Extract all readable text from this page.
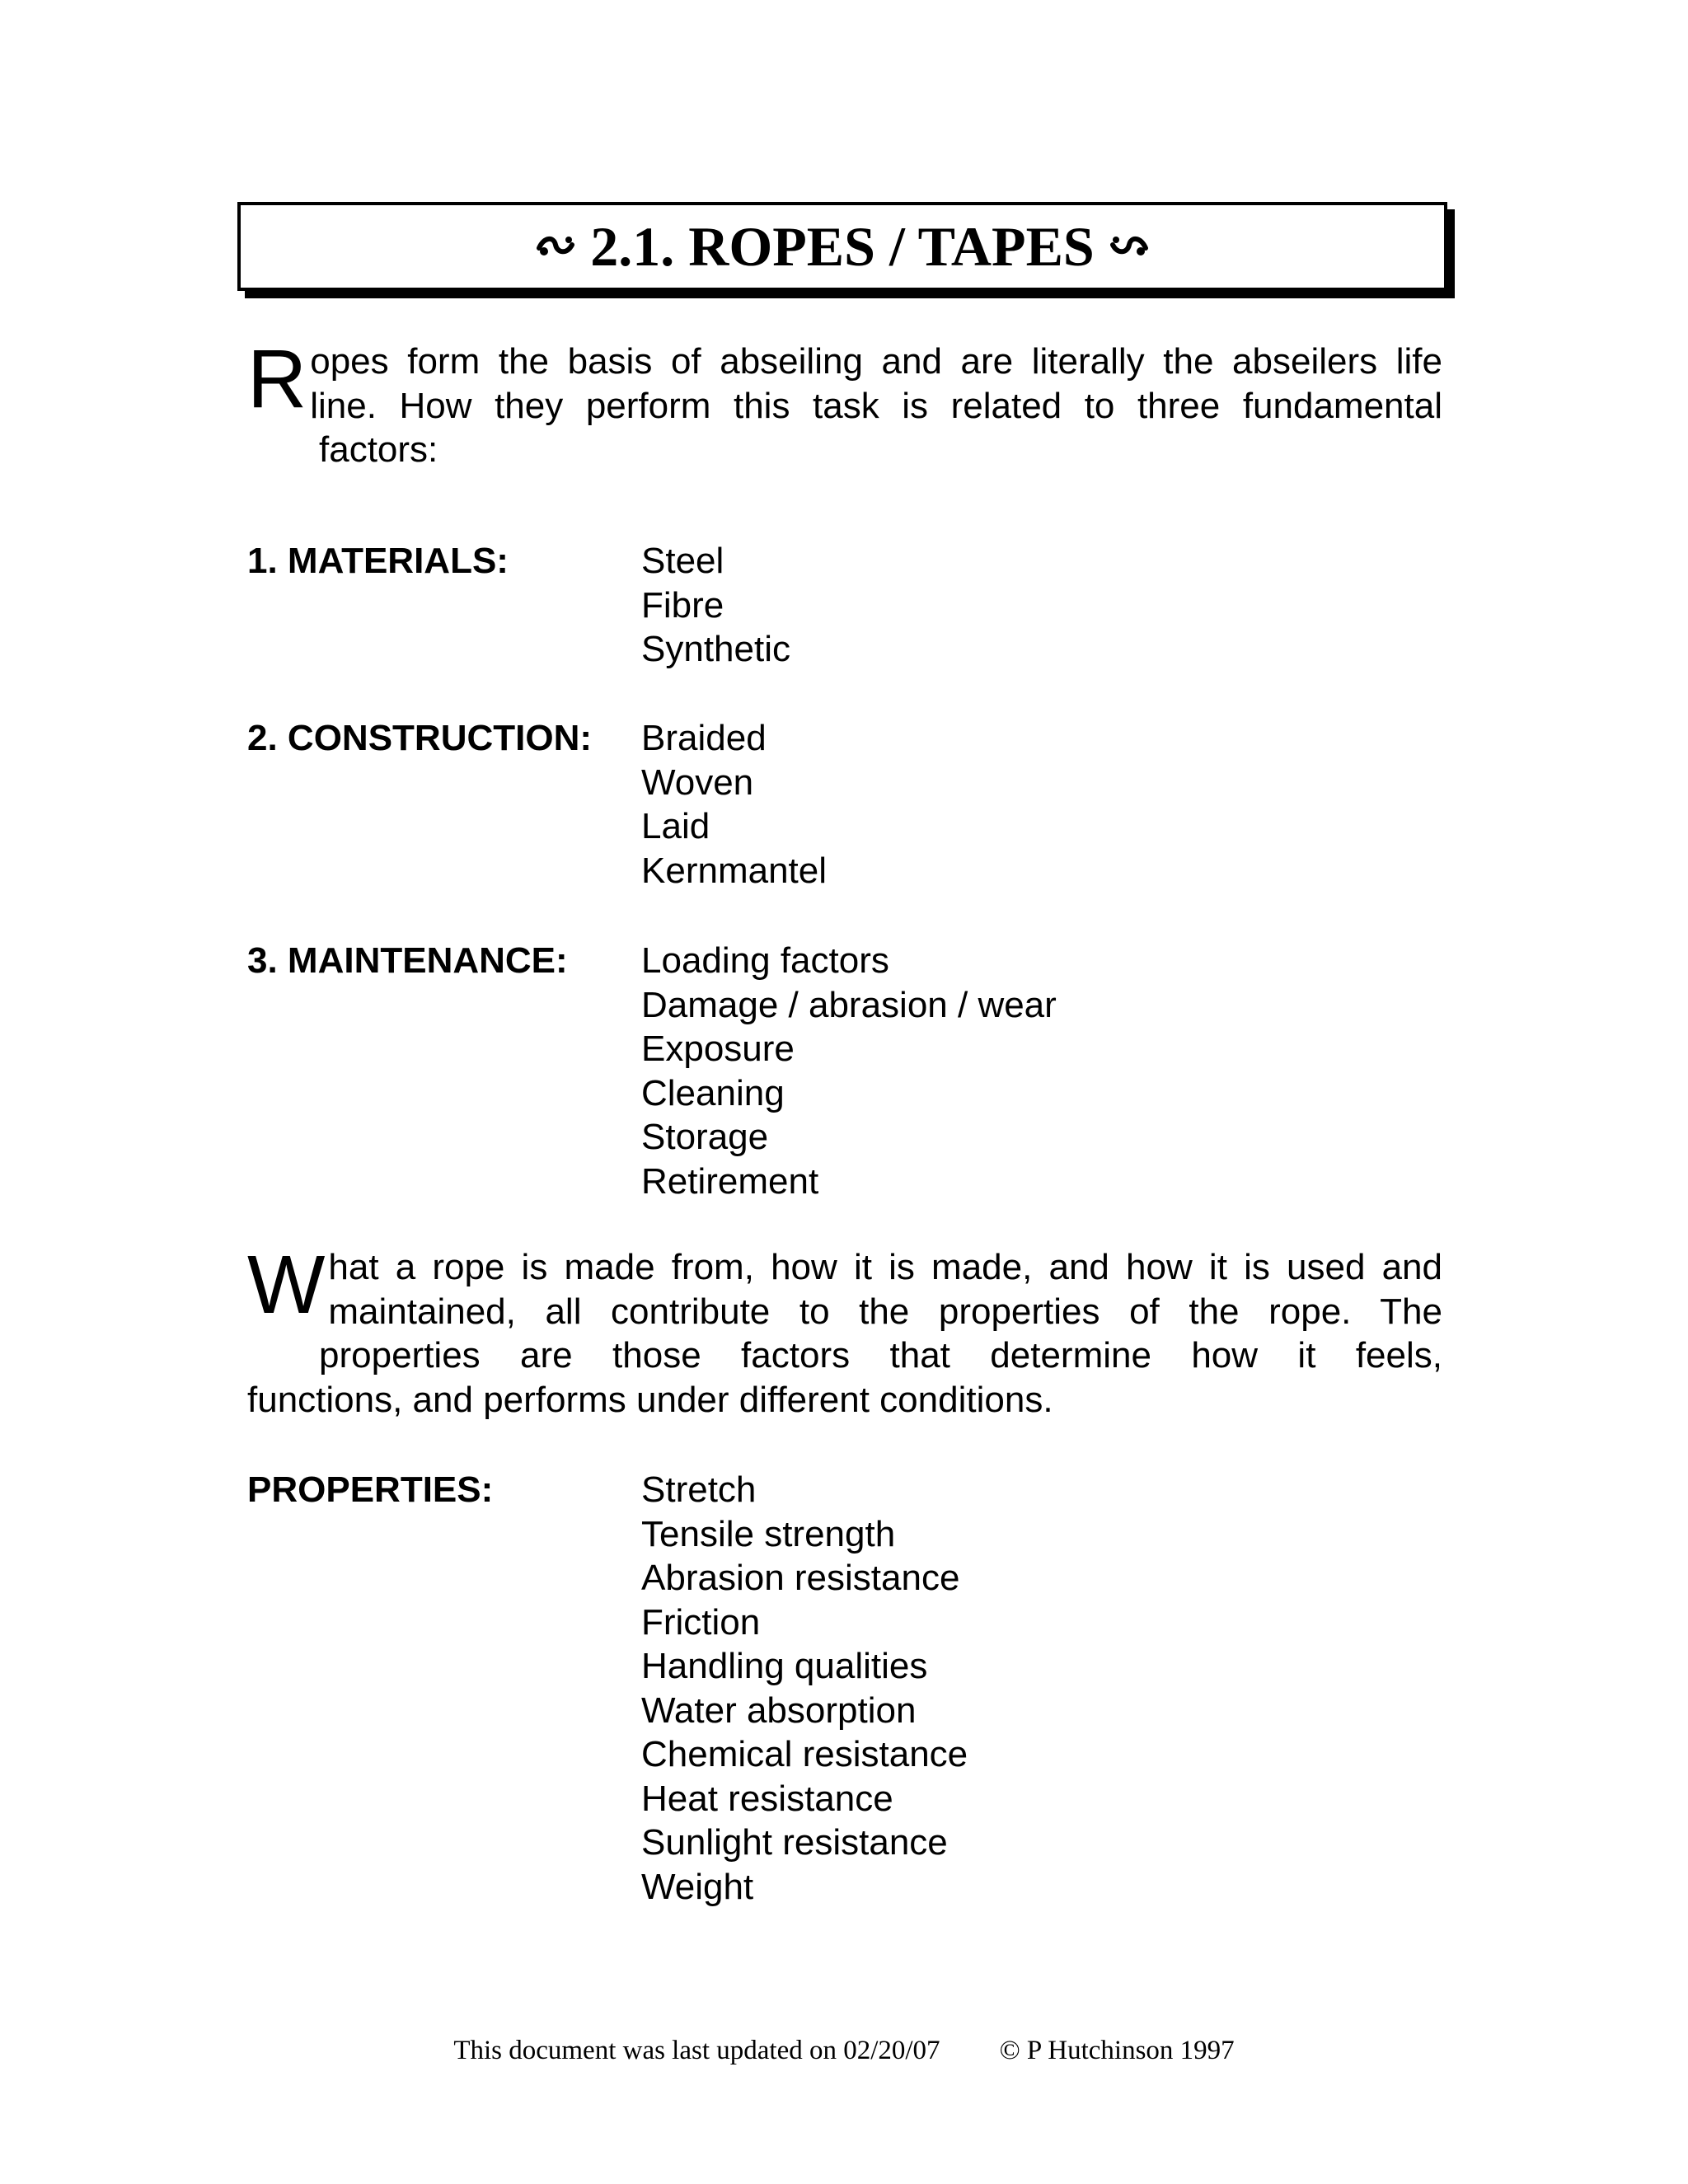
2.1. ROPES / TAPES
R opes form the basis of abseiling and are literally the abseilers life
line. How they perform this task is related to three fundamental
factors:
1. MATERIALS:	Steel
Fibre
Synthetic
2. CONSTRUCTION: Braided
Woven
Laid
Kernmantel
3. MAINTENANCE: Loading factors
Damage / abrasion / wear
Exposure
Cleaning
Storage
Retirement
W hat a rope is made from, how it is made, and how it is used and
maintained, all contribute to the properties of the rope. The
properties are those factors that determine how it feels,
functions, and performs under different conditions.
PROPERTIES:	Stretch
Tensile strength
Abrasion resistance
Friction
Handling qualities
Water absorption
Chemical resistance
Heat resistance
Sunlight resistance
Weight
This document was last updated on 02/20/07 © P Hutchinson 1997
